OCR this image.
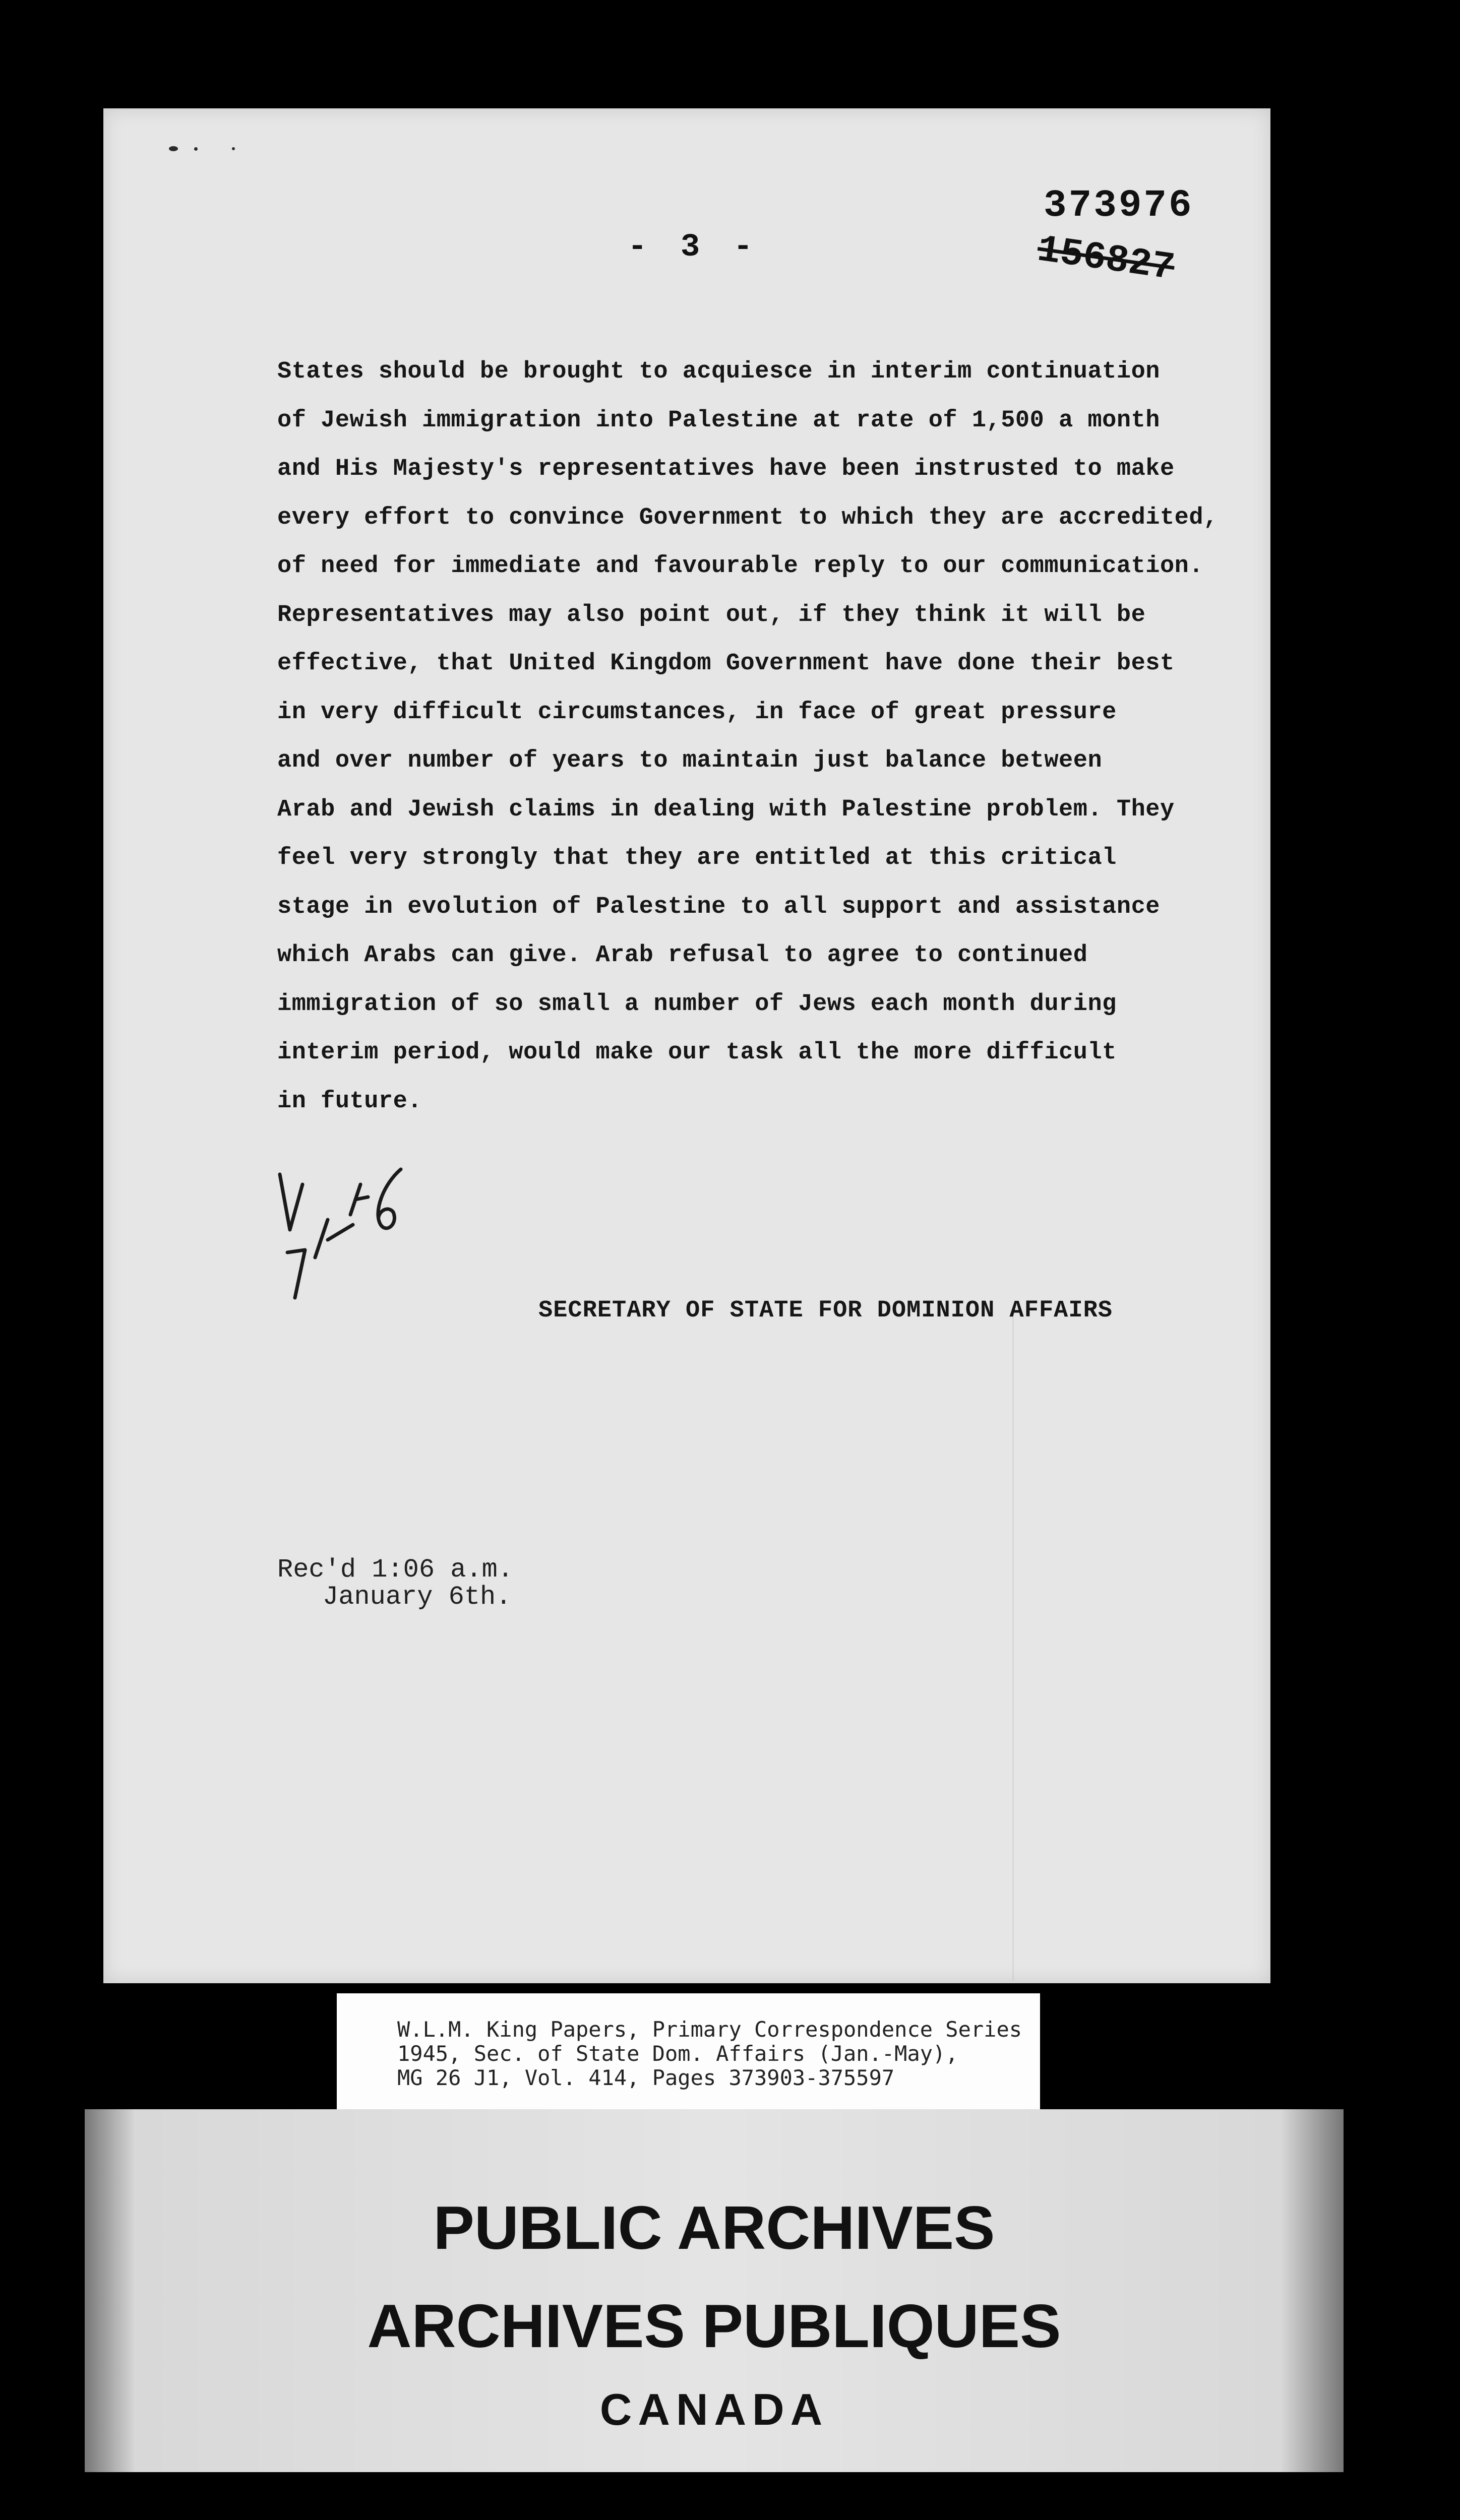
373976
156827
- 3 -
States should be brought to acquiesce in interim continuation
of Jewish immigration into Palestine at rate of 1,500 a month
and His Majesty's representatives have been instrusted to make
every effort to convince Government to which they are accredited,
of need for immediate and favourable reply to our communication.
Representatives may also point out, if they think it will be
effective, that United Kingdom Government have done their best
in very difficult circumstances, in face of great pressure
and over number of years to maintain just balance between
Arab and Jewish claims in dealing with Palestine problem. They
feel very strongly that they are entitled at this critical
stage in evolution of Palestine to all support and assistance
which Arabs can give. Arab refusal to agree to continued
immigration of so small a number of Jews each month during
interim period, would make our task all the more difficult
in future.
SECRETARY OF STATE FOR DOMINION AFFAIRS
Rec'd 1:06 a.m.
January 6th.
W.L.M. King Papers, Primary Correspondence Series
1945, Sec. of State Dom. Affairs (Jan.-May),
MG 26 J1, Vol. 414, Pages 373903-375597
PUBLIC ARCHIVES
ARCHIVES PUBLIQUES
CANADA
